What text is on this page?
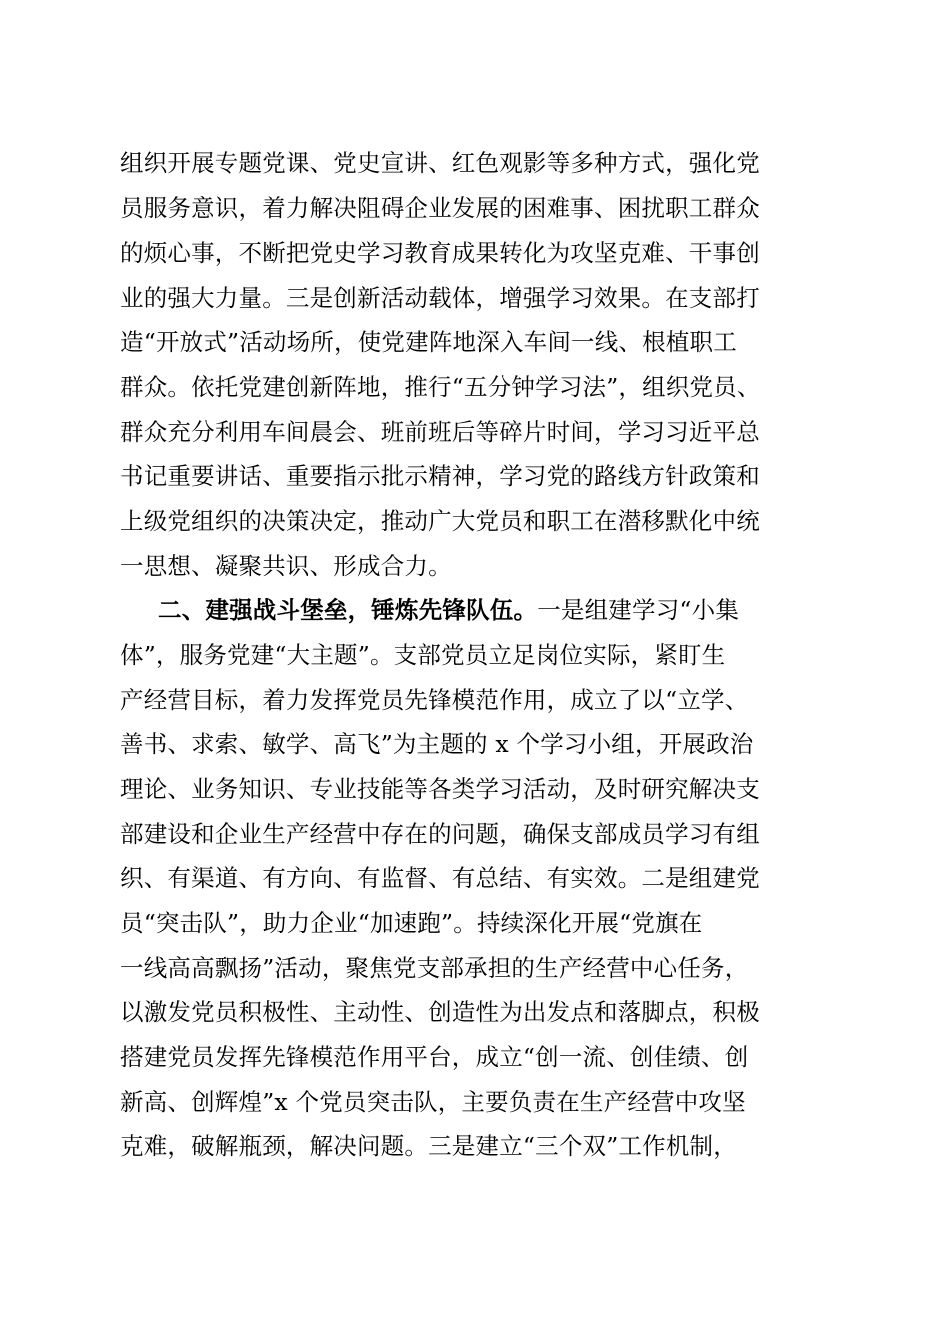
组织开展专题党课、党史宣讲、红色观影等多种方式，强化党
员服务意识，着力解决阻碍企业发展的困难事、困扰职工群众
的烦心事，不断把党史学习教育成果转化为攻坚克难、干事创
业的强大力量。三是创新活动载体，增强学习效果。在支部打
造“开放式”活动场所，使党建阵地深入车间一线、根植职工
群众。依托党建创新阵地，推行“五分钟学习法”，组织党员、
群众充分利用车间晨会、班前班后等碎片时间，学习习近平总
书记重要讲话、重要指示批示精神，学习党的路线方针政策和
上级党组织的决策决定，推动广大党员和职工在潜移默化中统
一思想、凝聚共识、形成合力。
二、建强战斗堡垒，锤炼先锋队伍。一是组建学习“小集
体”，服务党建“大主题”。支部党员立足岗位实际，紧盯生
产经营目标，着力发挥党员先锋模范作用，成立了以“立学、
善书、求索、敏学、高飞”为主题的 x 个学习小组，开展政治
理论、业务知识、专业技能等各类学习活动，及时研究解决支
部建设和企业生产经营中存在的问题，确保支部成员学习有组
织、有渠道、有方向、有监督、有总结、有实效。二是组建党
员“突击队”，助力企业“加速跑”。持续深化开展“党旗在
一线高高飘扬”活动，聚焦党支部承担的生产经营中心任务，
以激发党员积极性、主动性、创造性为出发点和落脚点，积极
搭建党员发挥先锋模范作用平台，成立“创一流、创佳绩、创
新高、创辉煌”x 个党员突击队，主要负责在生产经营中攻坚
克难，破解瓶颈，解决问题。三是建立“三个双”工作机制，
